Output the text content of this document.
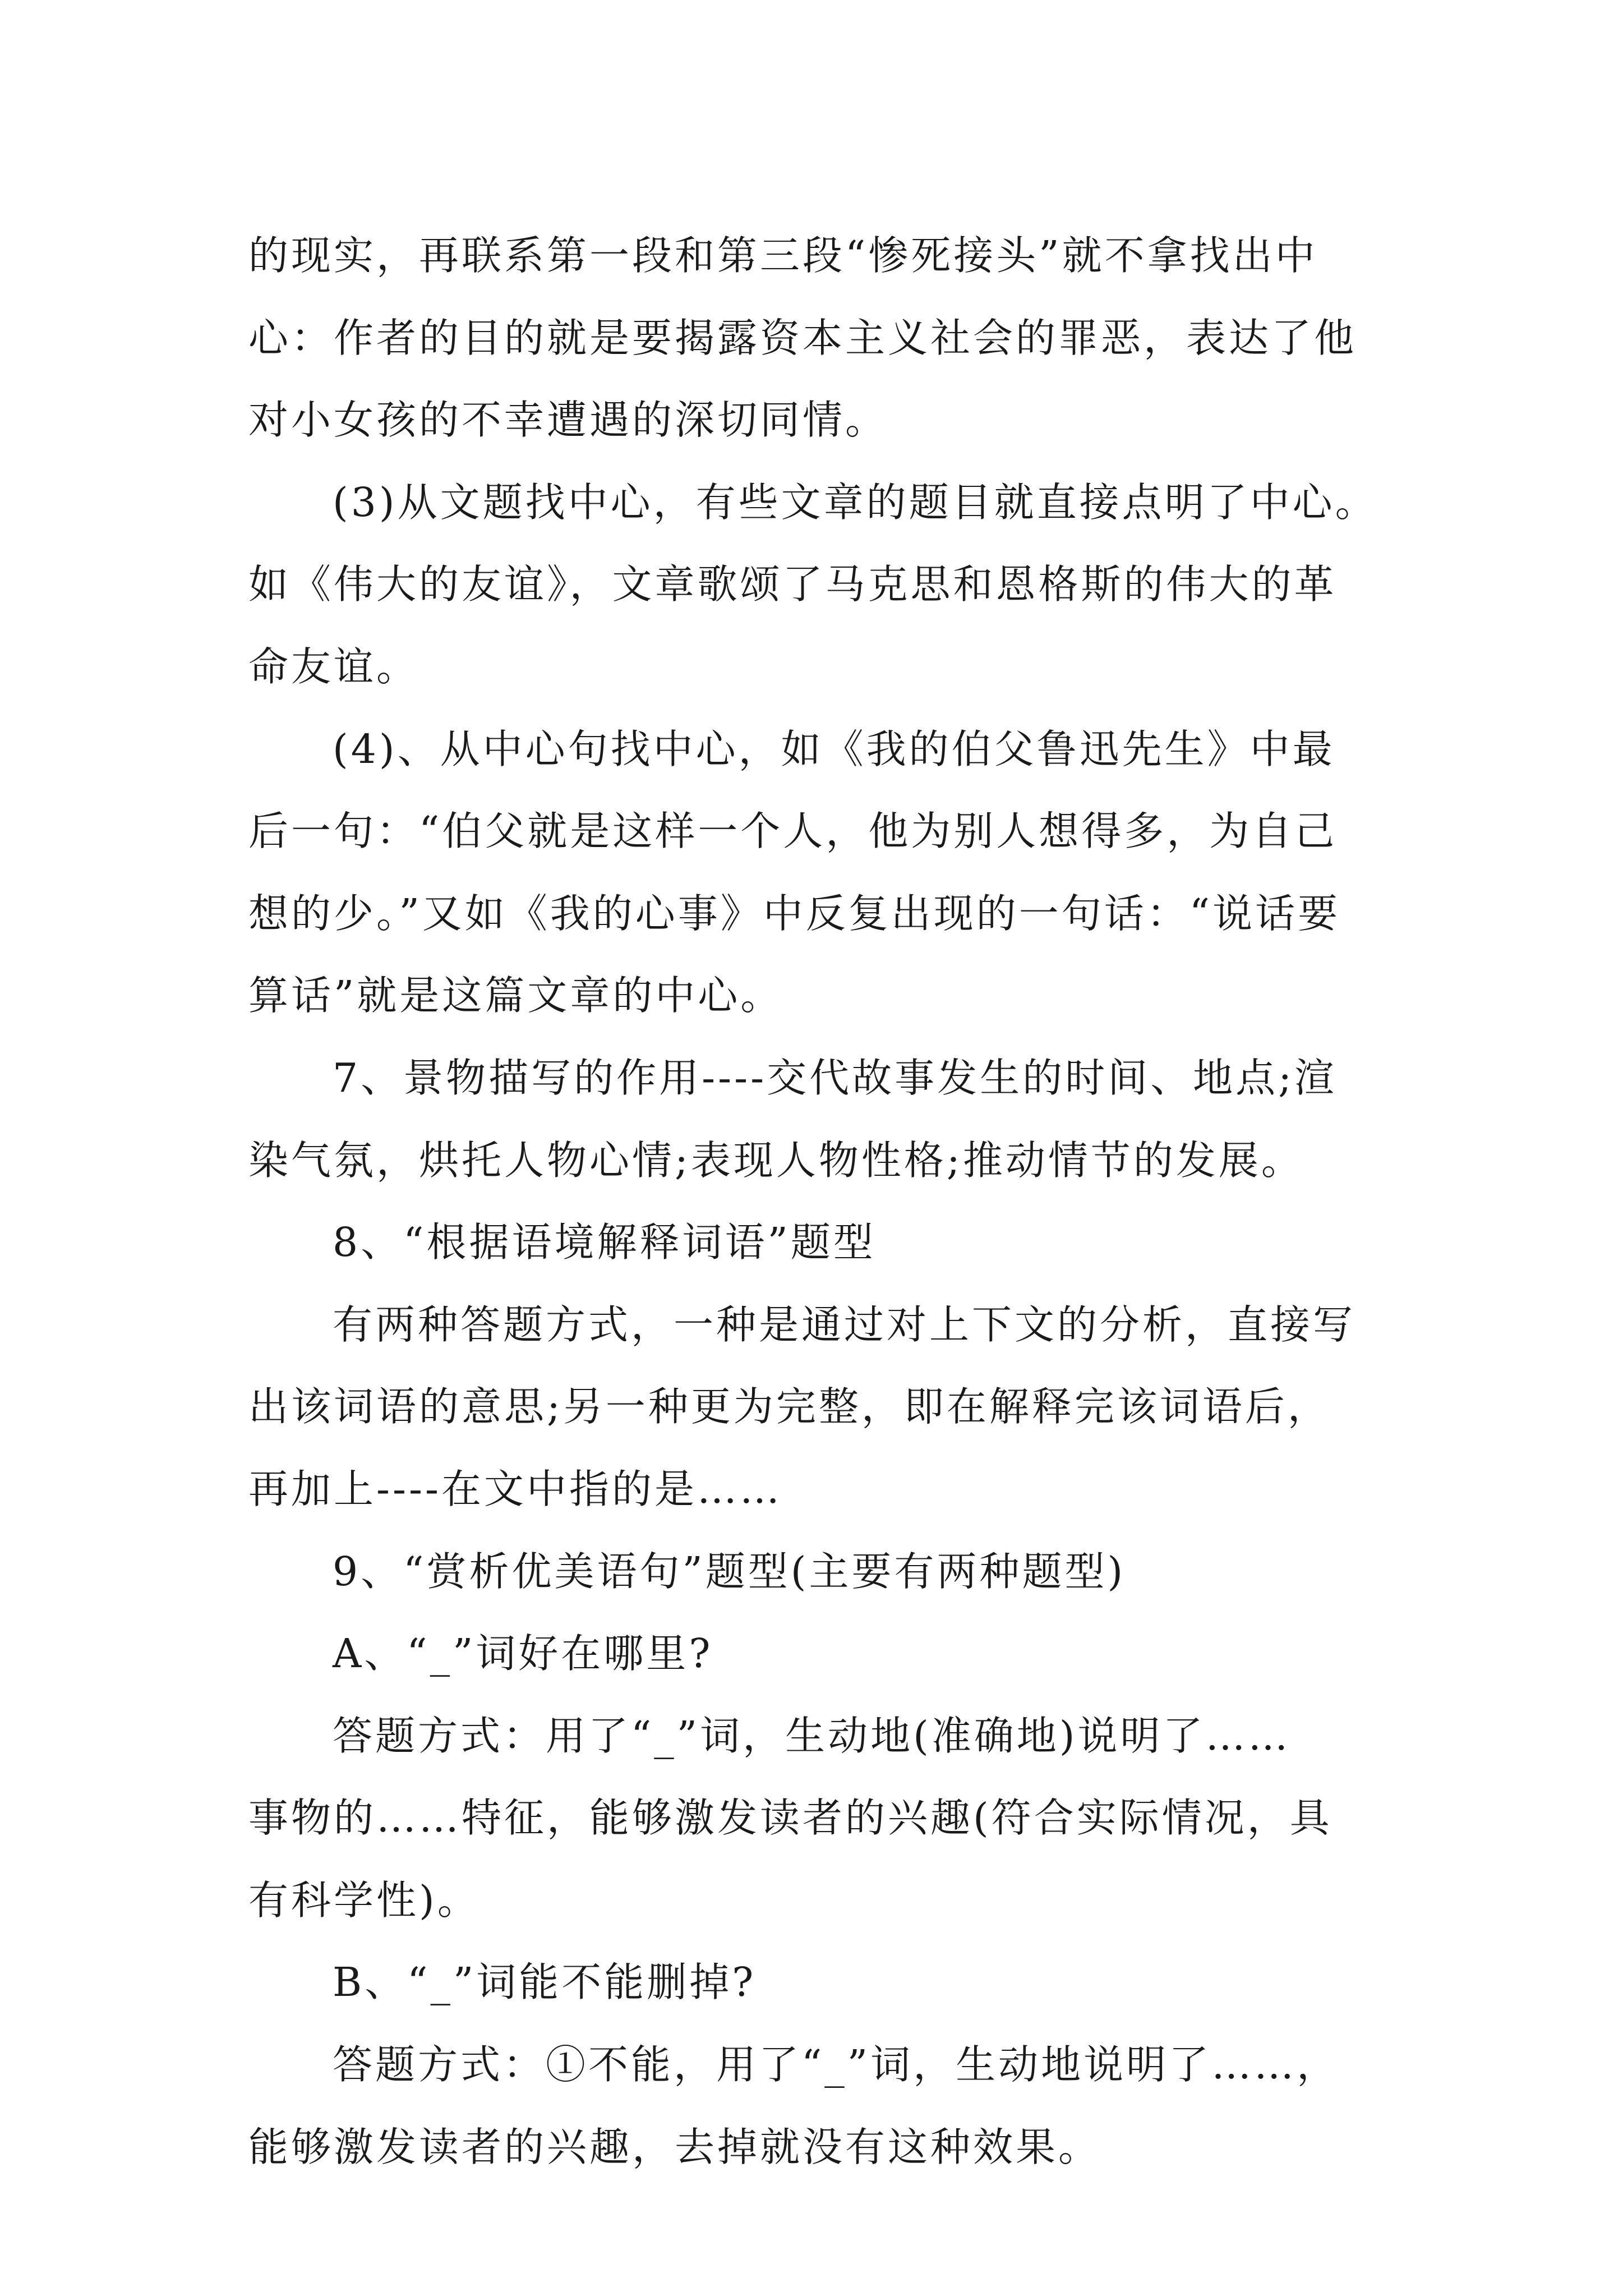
的现实，再联系第一段和第三段“惨死接头”就不拿找出中
心：作者的目的就是要揭露资本主义社会的罪恶，表达了他
对小女孩的不幸遭遇的深切同情。
(3)从文题找中心，有些文章的题目就直接点明了中心。
如《伟大的友谊》，文章歌颂了马克思和恩格斯的伟大的革
命友谊。
(4)、从中心句找中心，如《我的伯父鲁迅先生》中最
后一句：“伯父就是这样一个人，他为别人想得多，为自己
想的少。”又如《我的心事》中反复出现的一句话：“说话要
算话”就是这篇文章的中心。
7、景物描写的作用----交代故事发生的时间、地点;渲
染气氛，烘托人物心情;表现人物性格;推动情节的发展。
8、“根据语境解释词语”题型
有两种答题方式，一种是通过对上下文的分析，直接写
出该词语的意思;另一种更为完整，即在解释完该词语后，
再加上----在文中指的是……
9、“赏析优美语句”题型(主要有两种题型)
A、“_”词好在哪里?
答题方式：用了“_”词，生动地(准确地)说明了……
事物的……特征，能够激发读者的兴趣(符合实际情况，具
有科学性)。
B、“_”词能不能删掉?
答题方式：①不能，用了“_”词，生动地说明了……，
能够激发读者的兴趣，去掉就没有这种效果。
